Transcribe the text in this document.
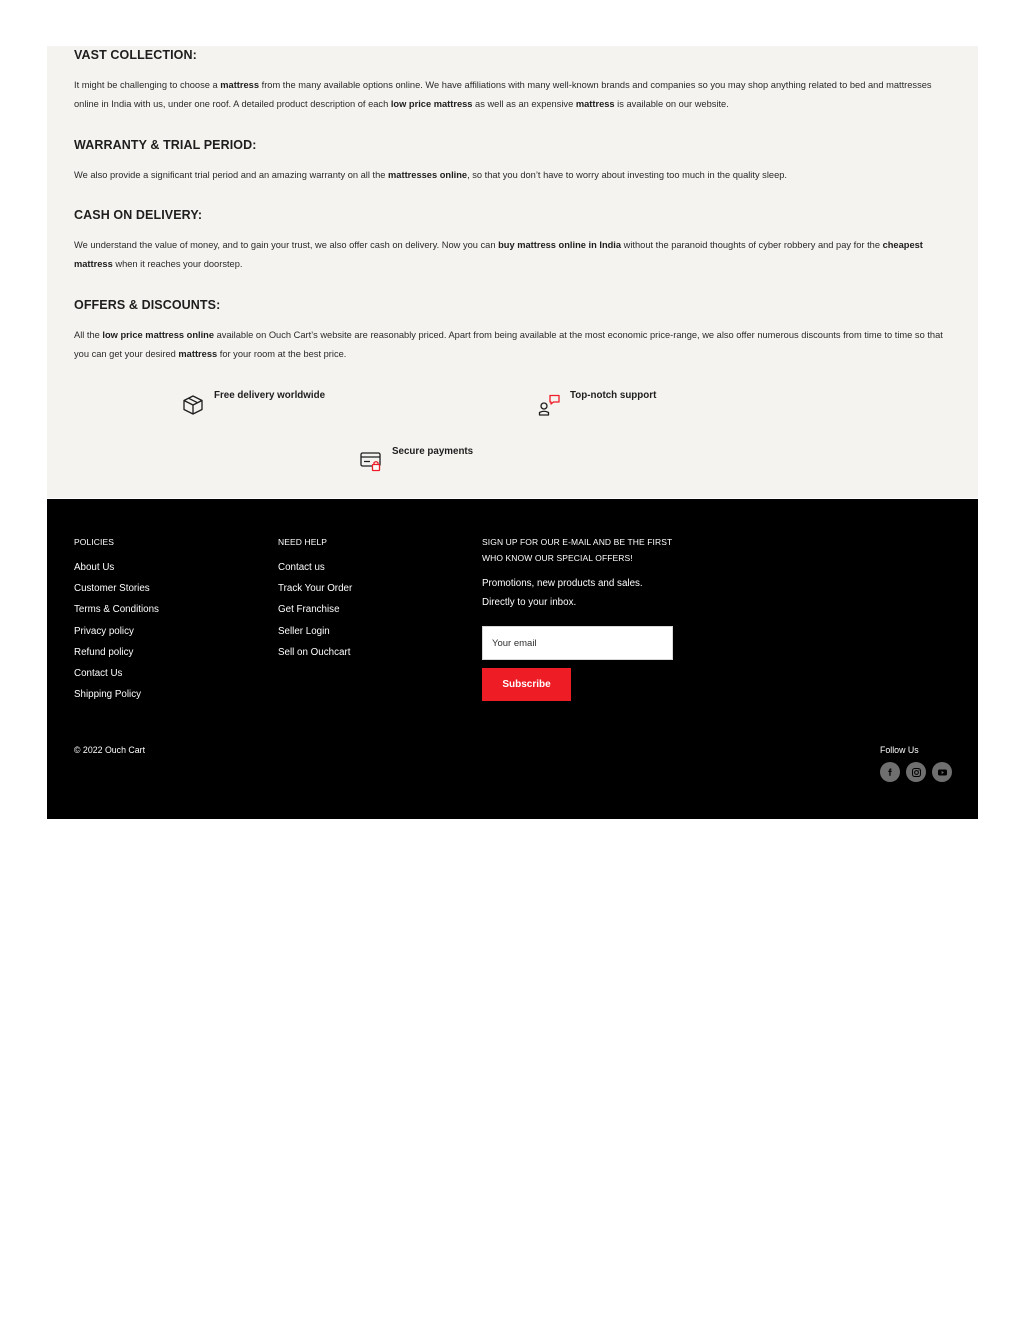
VAST COLLECTION:

It might be challenging to choose a mattress from the many available options online. We have affiliations with many well-known brands and companies so you may shop anything related to bed and mattresses online in India with us, under one roof. A detailed product description of each low price mattress as well as an expensive mattress is available on our website.

WARRANTY & TRIAL PERIOD:

We also provide a significant trial period and an amazing warranty on all the mattresses online, so that you don’t have to worry about investing too much in the quality sleep.

CASH ON DELIVERY:

We understand the value of money, and to gain your trust, we also offer cash on delivery. Now you can buy mattress online in India without the paranoid thoughts of cyber robbery and pay for the cheapest mattress when it reaches your doorstep.

OFFERS & DISCOUNTS:

All the low price mattress online available on Ouch Cart’s website are reasonably priced. Apart from being available at the most economic price-range, we also offer numerous discounts from time to time so that you can get your desired mattress for your room at the best price.

Free delivery worldwide	Top-notch support
Secure payments
POLICIES
About Us
Customer Stories
Terms & Conditions
Privacy policy
Refund policy
Contact Us
Shipping Policy
NEED HELP
Contact us
Track Your Order
Get Franchise
Seller Login
Sell on Ouchcart
SIGN UP FOR OUR E-MAIL AND BE THE FIRST
WHO KNOW OUR SPECIAL OFFERS!
Promotions, new products and sales.
Directly to your inbox.
Your email
Subscribe
© 2022 Ouch Cart	Follow Us
